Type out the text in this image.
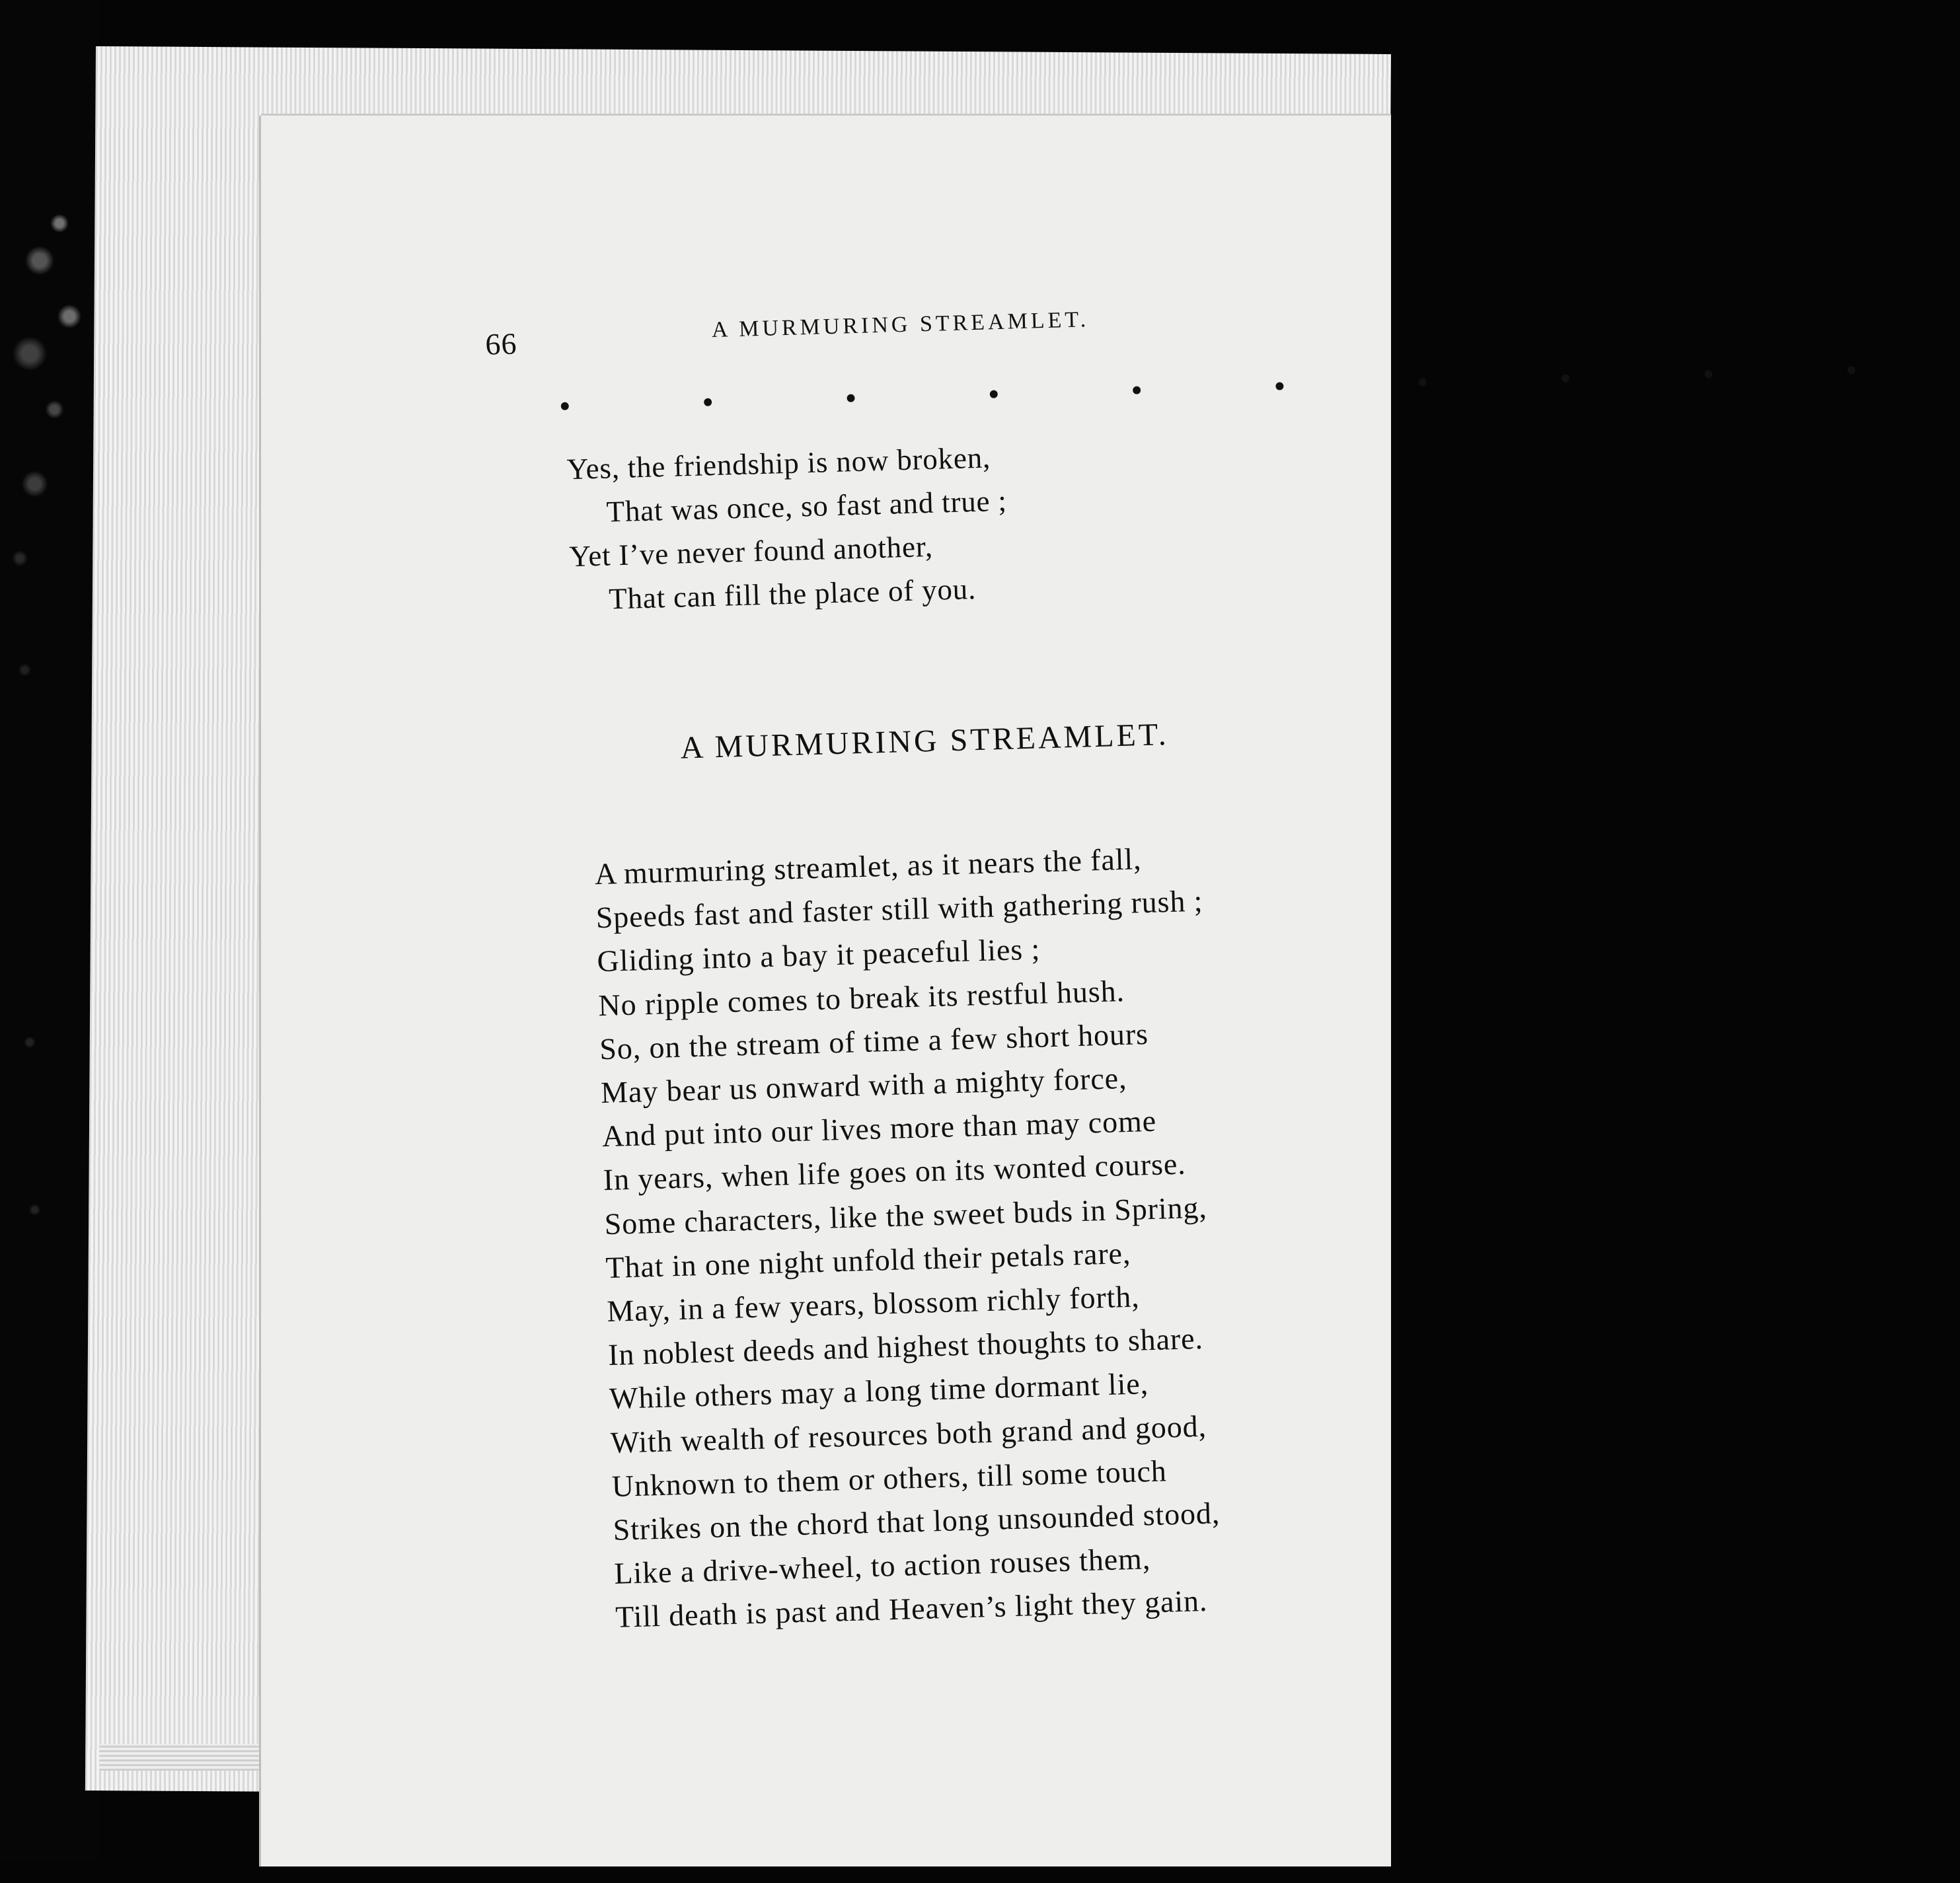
66
A MURMURING STREAMLET.
• • • • • • • • • •
Yes, the friendship is now broken,
That was once, so fast and true ;
Yet I’ve never found another,
That can fill the place of you.
A MURMURING STREAMLET.
A murmuring streamlet, as it nears the fall,
Speeds fast and faster still with gathering rush ;
Gliding into a bay it peaceful lies ;
No ripple comes to break its restful hush.
So, on the stream of time a few short hours
May bear us onward with a mighty force,
And put into our lives more than may come
In years, when life goes on its wonted course.
Some characters, like the sweet buds in Spring,
That in one night unfold their petals rare,
May, in a few years, blossom richly forth,
In noblest deeds and highest thoughts to share.
While others may a long time dormant lie,
With wealth of resources both grand and good,
Unknown to them or others, till some touch
Strikes on the chord that long unsounded stood,
Like a drive-wheel, to action rouses them,
Till death is past and Heaven’s light they gain.
